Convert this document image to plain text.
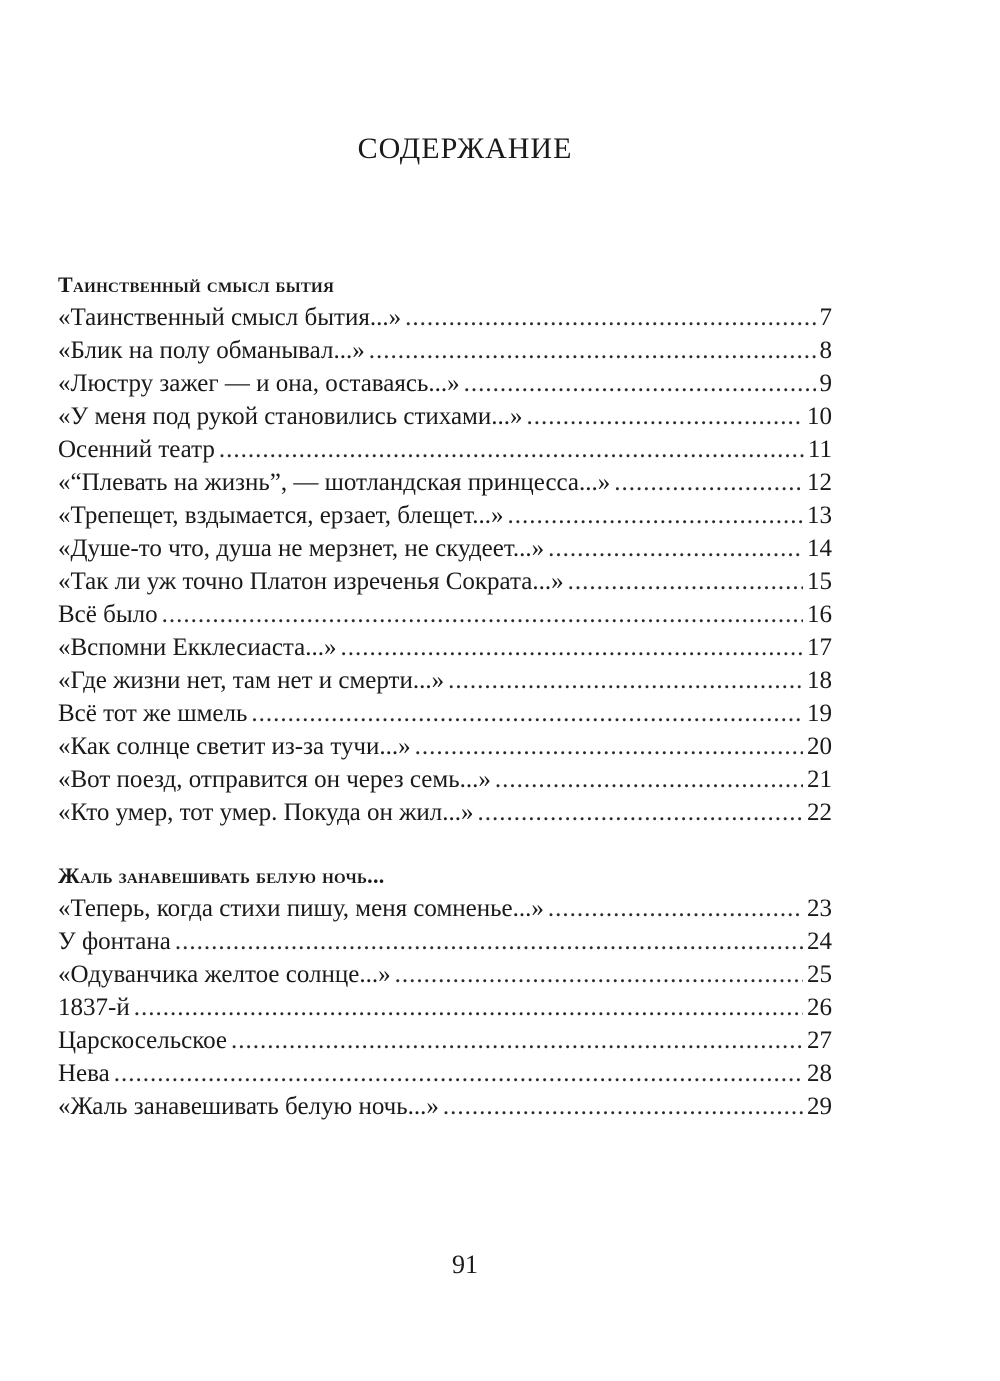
СОДЕРЖАНИЕ
Таинственный смысл бытия
«Таинственный смысл бытия...» .....	7
«Блик на полу обманывал...» .....	8
«Люстру зажег — и она, оставаясь...» .....	9
«У меня под рукой становились стихами...» .....	10
Осенний театр .....	11
«“Плевать на жизнь”, — шотландская принцесса...» .....	12
«Трепещет, вздымается, ерзает, блещет...» .....	13
«Душе-то что, душа не мерзнет, не скудеет...» .....	14
«Так ли уж точно Платон изреченья Сократа...» .....	15
Всё было .....	16
«Вспомни Екклесиаста...» .....	17
«Где жизни нет, там нет и смерти...» .....	18
Всё тот же шмель .....	19
«Как солнце светит из-за тучи...» .....	20
«Вот поезд, отправится он через семь...» .....	21
«Кто умер, тот умер. Покуда он жил...» .....	22
Жаль занавешивать белую ночь...
«Теперь, когда стихи пишу, меня сомненье...» .....	23
У фонтана .....	24
«Одуванчика желтое солнце...» .....	25
1837-й .....	26
Царскосельское .....	27
Нева .....	28
«Жаль занавешивать белую ночь...» .....	29
91
